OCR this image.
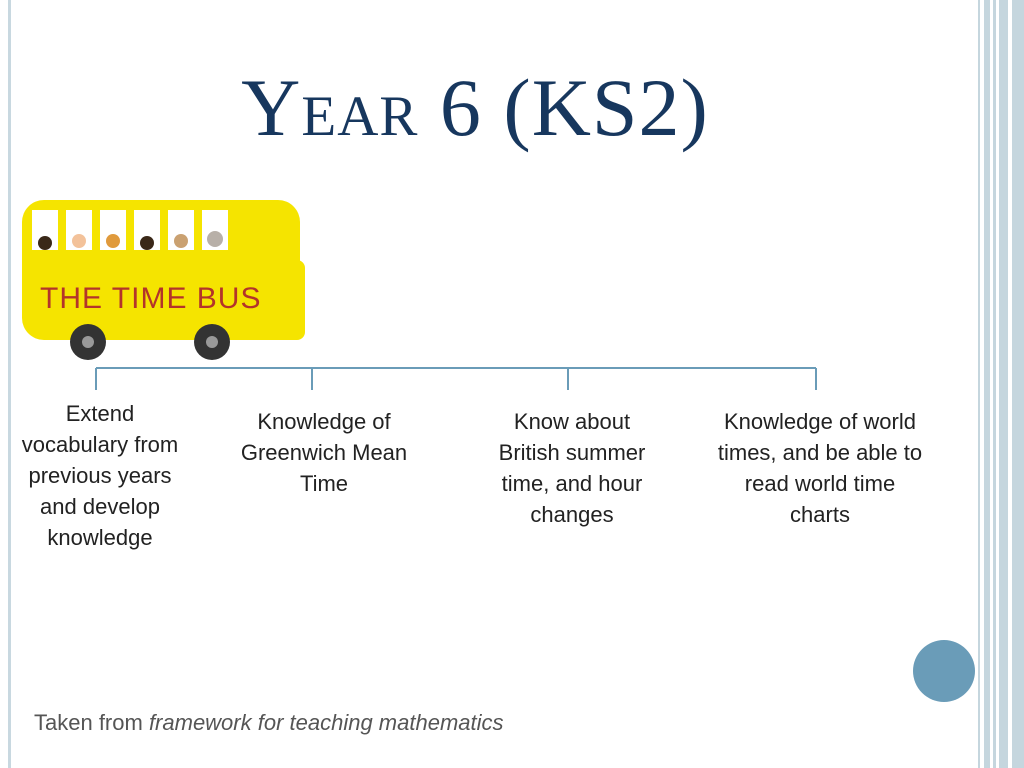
Year 6 (KS2)
THE TIME BUS
Extend vocabulary from previous years and develop knowledge
Knowledge of Greenwich Mean Time
Know about British summer time, and hour changes
Knowledge of world times, and be able to read world time charts
Taken from framework for teaching mathematics
